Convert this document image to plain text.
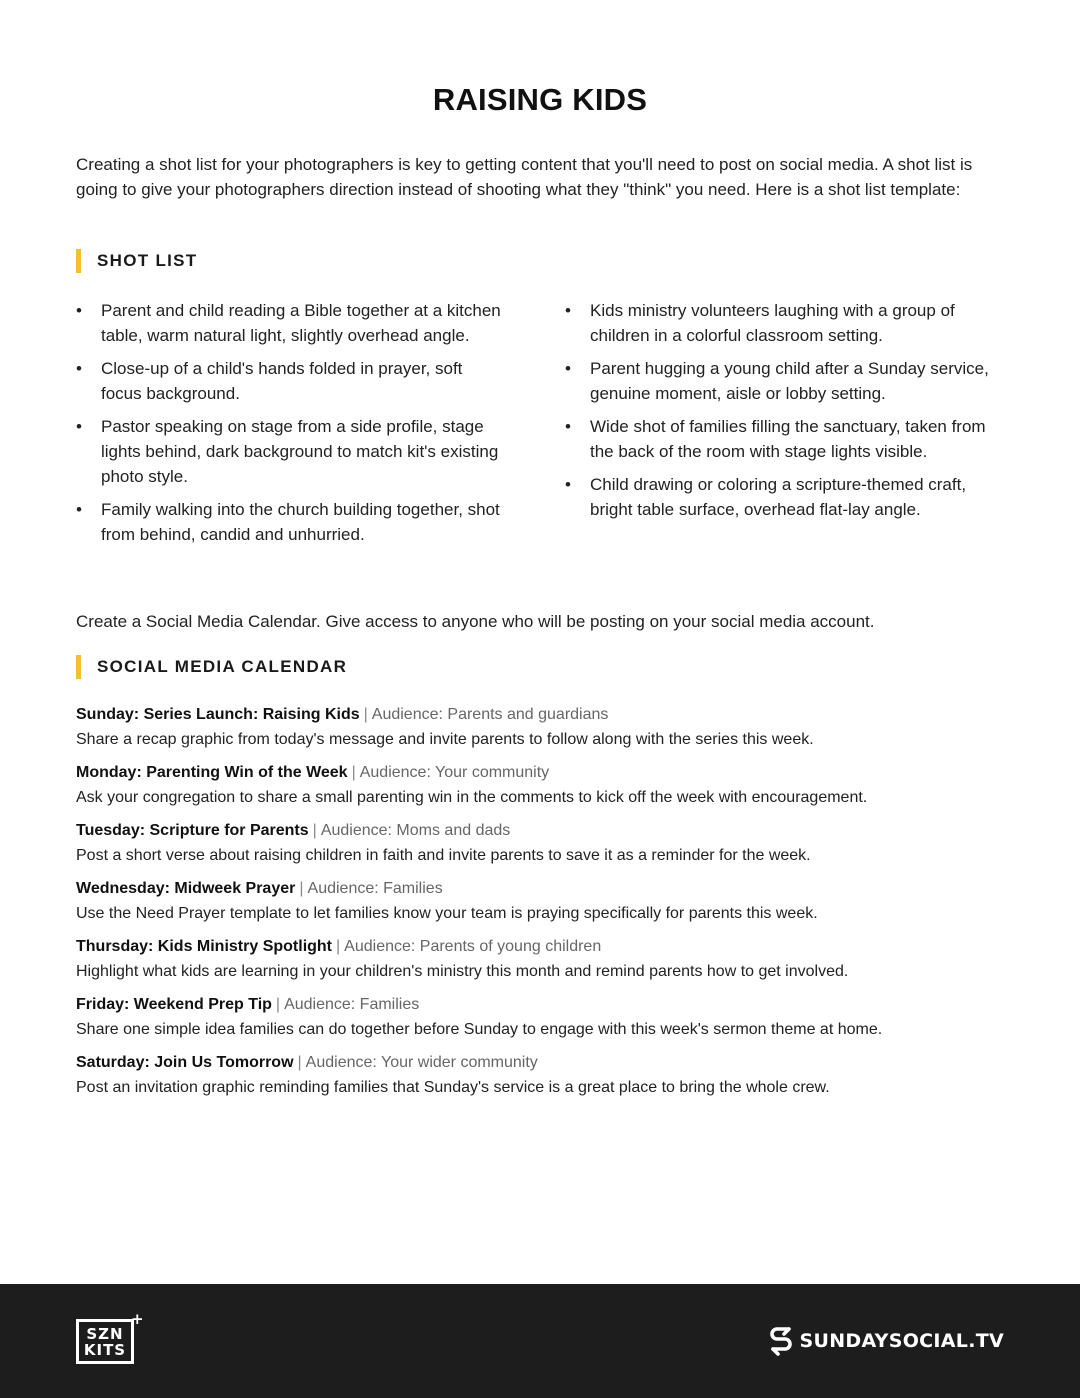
RAISING KIDS

Creating a shot list for your photographers is key to getting content that you'll need to post on social media. A shot list is going to give your photographers direction instead of shooting what they "think" you need. Here is a shot list template:

SHOT LIST
• Parent and child reading a Bible together at a kitchen table, warm natural light, slightly overhead angle.
• Close-up of a child's hands folded in prayer, soft focus background.
• Pastor speaking on stage from a side profile, stage lights behind, dark background to match kit's existing photo style.
• Family walking into the church building together, shot from behind, candid and unhurried.
• Kids ministry volunteers laughing with a group of children in a colorful classroom setting.
• Parent hugging a young child after a Sunday service, genuine moment, aisle or lobby setting.
• Wide shot of families filling the sanctuary, taken from the back of the room with stage lights visible.
• Child drawing or coloring a scripture-themed craft, bright table surface, overhead flat-lay angle.

Create a Social Media Calendar. Give access to anyone who will be posting on your social media account.

SOCIAL MEDIA CALENDAR
Sunday: Series Launch: Raising Kids | Audience: Parents and guardians
Share a recap graphic from today's message and invite parents to follow along with the series this week.
Monday: Parenting Win of the Week | Audience: Your community
Ask your congregation to share a small parenting win in the comments to kick off the week with encouragement.
Tuesday: Scripture for Parents | Audience: Moms and dads
Post a short verse about raising children in faith and invite parents to save it as a reminder for the week.
Wednesday: Midweek Prayer | Audience: Families
Use the Need Prayer template to let families know your team is praying specifically for parents this week.
Thursday: Kids Ministry Spotlight | Audience: Parents of young children
Highlight what kids are learning in your children's ministry this month and remind parents how to get involved.
Friday: Weekend Prep Tip | Audience: Families
Share one simple idea families can do together before Sunday to engage with this week's sermon theme at home.
Saturday: Join Us Tomorrow | Audience: Your wider community
Post an invitation graphic reminding families that Sunday's service is a great place to bring the whole crew.
SZN
KITS
+
SUNDAYSOCIAL.TV
